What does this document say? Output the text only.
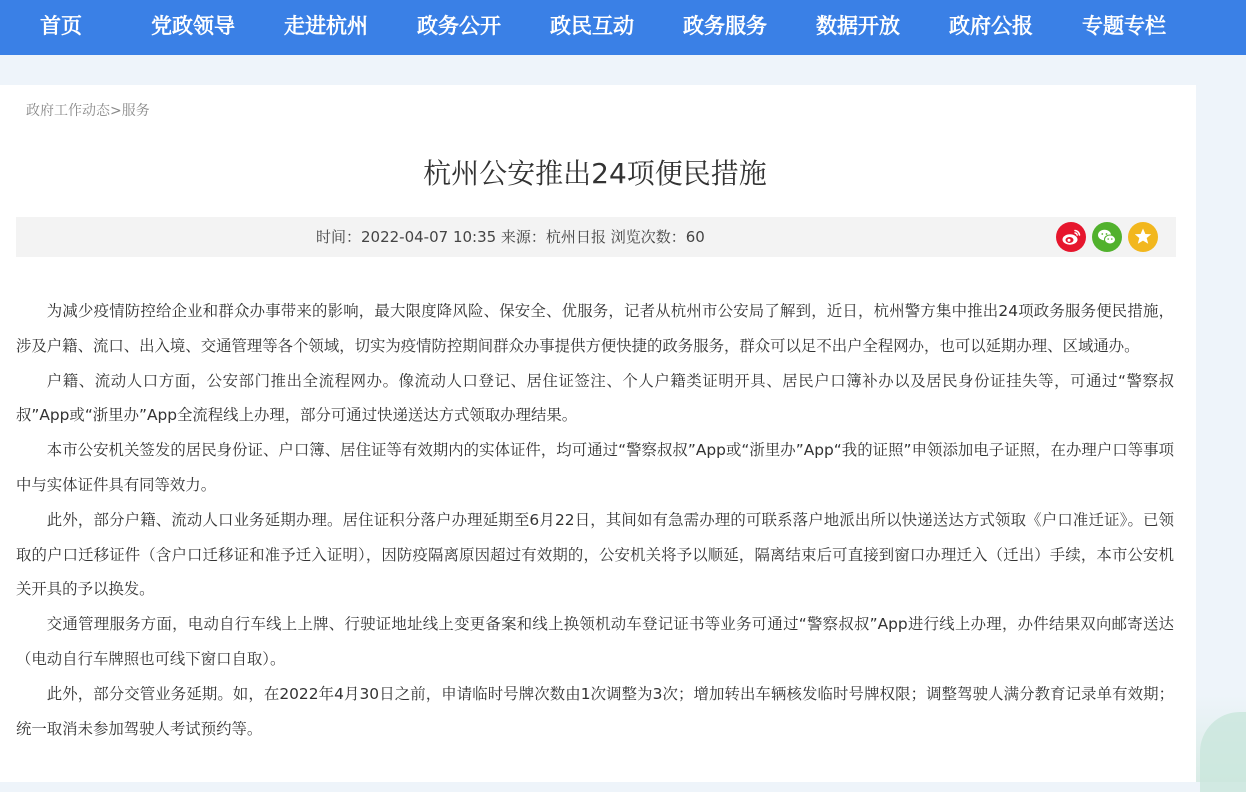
首页	党政领导 走进杭州 政务公开 政民互动 政务服务 数据开放 政府公报 专题专栏
政府工作动态>服务
杭州公安推出24项便民措施
时间：2022-04-07 10:35 来源：杭州日报 浏览次数：60

为减少疫情防控给企业和群众办事带来的影响，最大限度降风险、保安全、优服务，记者从杭州市公安局了解到，近日，杭州警方集中推出24项政务服务便民措施，涉及户籍、流口、出入境、交通管理等各个领域，切实为疫情防控期间群众办事提供方便快捷的政务服务，群众可以足不出户全程网办，也可以延期办理、区域通办。

户籍、流动人口方面，公安部门推出全流程网办。像流动人口登记、居住证签注、个人户籍类证明开具、居民户口簿补办以及居民身份证挂失等，可通过“警察叔叔”App或“浙里办”App全流程线上办理，部分可通过快递送达方式领取办理结果。

本市公安机关签发的居民身份证、户口簿、居住证等有效期内的实体证件，均可通过“警察叔叔”App或“浙里办”App“我的证照”申领添加电子证照，在办理户口等事项中与实体证件具有同等效力。

此外，部分户籍、流动人口业务延期办理。居住证积分落户办理延期至6月22日，其间如有急需办理的可联系落户地派出所以快递送达方式领取《户口准迁证》。已领取的户口迁移证件（含户口迁移证和准予迁入证明），因防疫隔离原因超过有效期的，公安机关将予以顺延，隔离结束后可直接到窗口办理迁入（迁出）手续，本市公安机关开具的予以换发。

交通管理服务方面，电动自行车线上上牌、行驶证地址线上变更备案和线上换领机动车登记证书等业务可通过“警察叔叔”App进行线上办理，办件结果双向邮寄送达（电动自行车牌照也可线下窗口自取）。

此外，部分交管业务延期。如，在2022年4月30日之前，申请临时号牌次数由1次调整为3次；增加转出车辆核发临时号牌权限；调整驾驶人满分教育记录单有效期；统一取消未参加驾驶人考试预约等。
